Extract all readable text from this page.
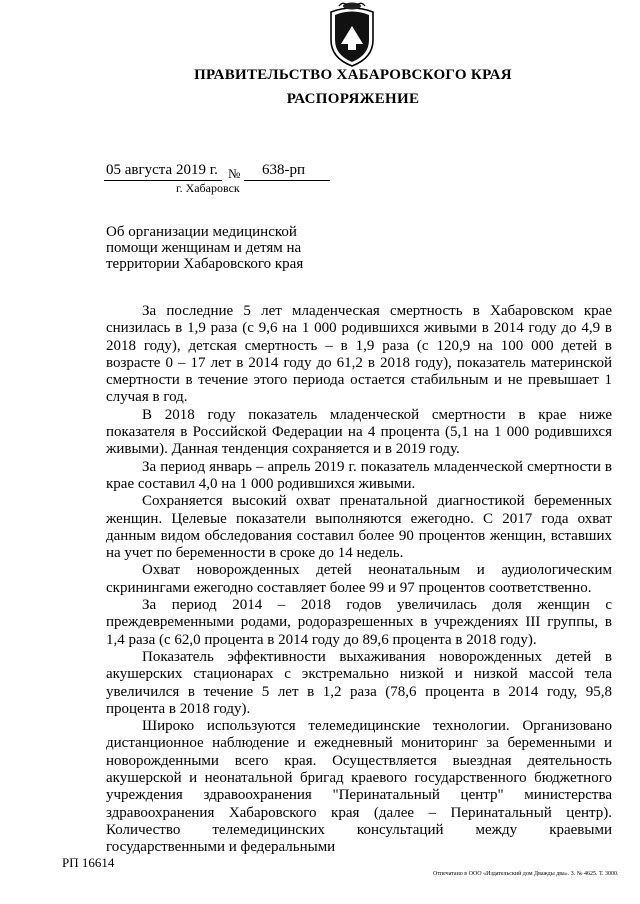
ПРАВИТЕЛЬСТВО ХАБАРОВСКОГО КРАЯ
РАСПОРЯЖЕНИЕ
05 августа 2019 г. № 638-рп
г. Хабаровск
Об организации медицинской помощи женщинам и детям на территории Хабаровского края

За последние 5 лет младенческая смертность в Хабаровском крае снизилась в 1,9 раза (с 9,6 на 1 000 родившихся живыми в 2014 году до 4,9 в 2018 году), детская смертность – в 1,9 раза (с 120,9 на 100 000 детей в возрасте 0 – 17 лет в 2014 году до 61,2 в 2018 году), показатель материнской смертности в течение этого периода остается стабильным и не превышает 1 случая в год.

В 2018 году показатель младенческой смертности в крае ниже показателя в Российской Федерации на 4 процента (5,1 на 1 000 родившихся живыми). Данная тенденция сохраняется и в 2019 году.

За период январь – апрель 2019 г. показатель младенческой смертности в крае составил 4,0 на 1 000 родившихся живыми.

Сохраняется высокий охват пренатальной диагностикой беременных женщин. Целевые показатели выполняются ежегодно. С 2017 года охват данным видом обследования составил более 90 процентов женщин, вставших на учет по беременности в сроке до 14 недель.

Охват новорожденных детей неонатальным и аудиологическим скринингами ежегодно составляет более 99 и 97 процентов соответственно.

За период 2014 – 2018 годов увеличилась доля женщин с преждевременными родами, родоразрешенных в учреждениях III группы, в 1,4 раза (с 62,0 процента в 2014 году до 89,6 процента в 2018 году).

Показатель эффективности выхаживания новорожденных детей в акушерских стационарах с экстремально низкой и низкой массой тела увеличился в течение 5 лет в 1,2 раза (78,6 процента в 2014 году, 95,8 процента в 2018 году).

Широко используются телемедицинские технологии. Организовано дистанционное наблюдение и ежедневный мониторинг за беременными и новорожденными всего края. Осуществляется выездная деятельность акушерской и неонатальной бригад краевого государственного бюджетного учреждения здравоохранения "Перинатальный центр" министерства здравоохранения Хабаровского края (далее – Перинатальный центр). Количество телемедицинских консультаций между краевыми государственными и федеральными

РП 16614
Отпечатано в ООО «Издательский дом Дважды два». З. № 4625. Т. 3000.
